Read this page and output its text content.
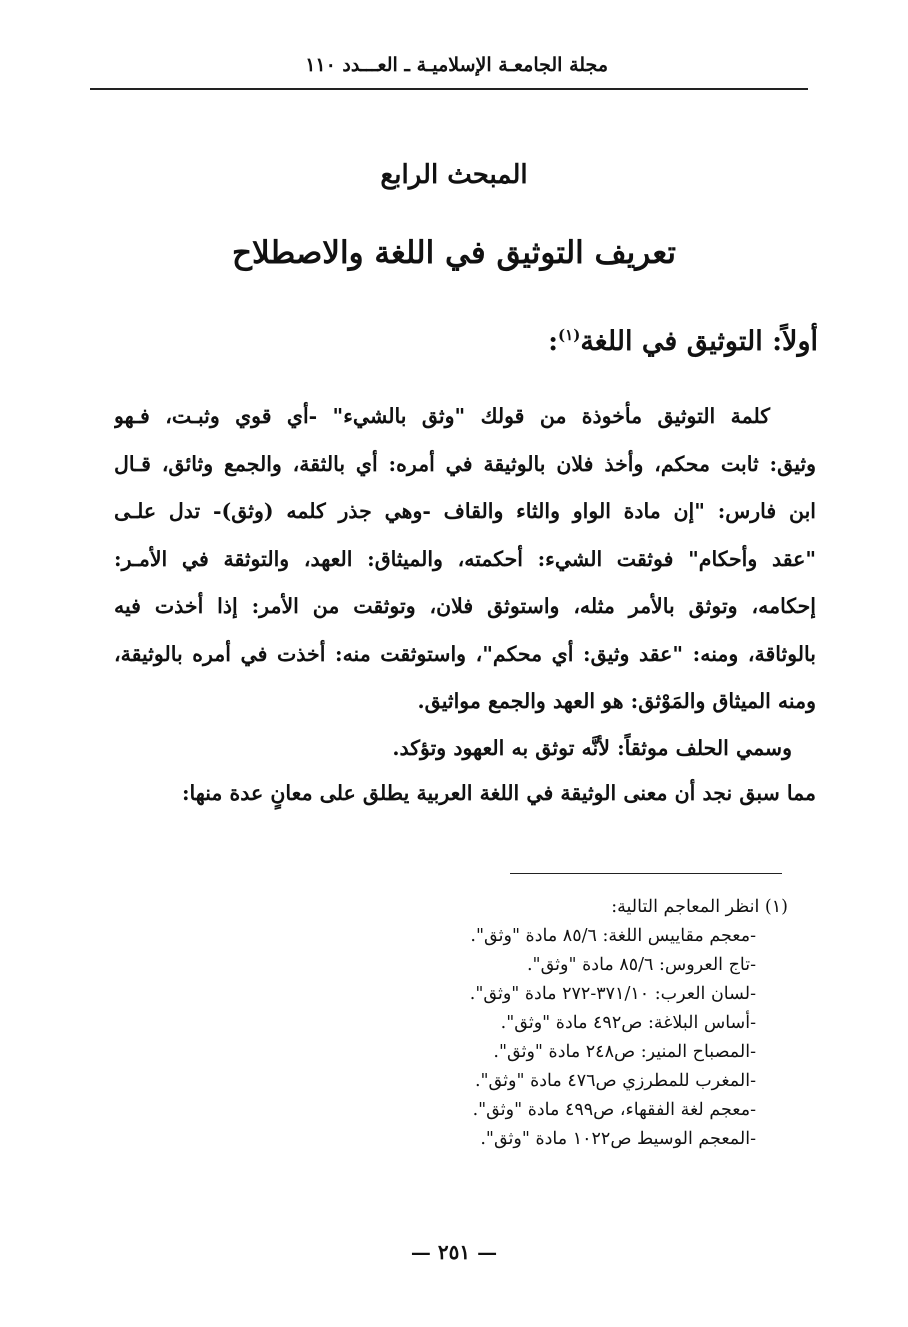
مجلة الجامعـة الإسلاميـة ـ العـــدد ١١٠
المبحث الرابع
تعريف التوثيق في اللغة والاصطلاح
أولاً: التوثيق في اللغة$^{(١)}$:
كلمة التوثيق مأخوذة من قولك "وثق بالشيء" -أي قوي وثبـت، فـهو
وثيق: ثابت محكم، وأخذ فلان بالوثيقة في أمره: أي بالثقة، والجمع وثائق، قـال
ابن فارس: "إن مادة الواو والثاء والقاف -وهي جذر كلمه (وثق)- تدل علـى
"عقد وأحكام" فوثقت الشيء: أحكمته، والميثاق: العهد، والتوثقة في الأمـر:
إحكامه، وتوثق بالأمر مثله، واستوثق فلان، وتوثقت من الأمر: إذا أخذت فيه
بالوثاقة، ومنه: "عقد وثيق: أي محكم"، واستوثقت منه: أخذت في أمره بالوثيقة،
ومنه الميثاق والمَوْثق: هو العهد والجمع مواثيق.
وسمي الحلف موثقاً: لأنَّه توثق به العهود وتؤكد.
مما سبق نجد أن معنى الوثيقة في اللغة العربية يطلق على معانٍ عدة منها:
(١) انظر المعاجم التالية:
-معجم مقاييس اللغة: ٨٥/٦ مادة "وثق".
-تاج العروس: ٨٥/٦ مادة "وثق".
-لسان العرب: ٣٧١/١٠-٢٧٢ مادة "وثق".
-أساس البلاغة: ص٤٩٢ مادة "وثق".
-المصباح المنير: ص٢٤٨ مادة "وثق".
-المغرب للمطرزي ص٤٧٦ مادة "وثق".
-معجم لغة الفقهاء، ص٤٩٩ مادة "وثق".
-المعجم الوسيط ص١٠٢٢ مادة "وثق".
— ٢٥١ —
